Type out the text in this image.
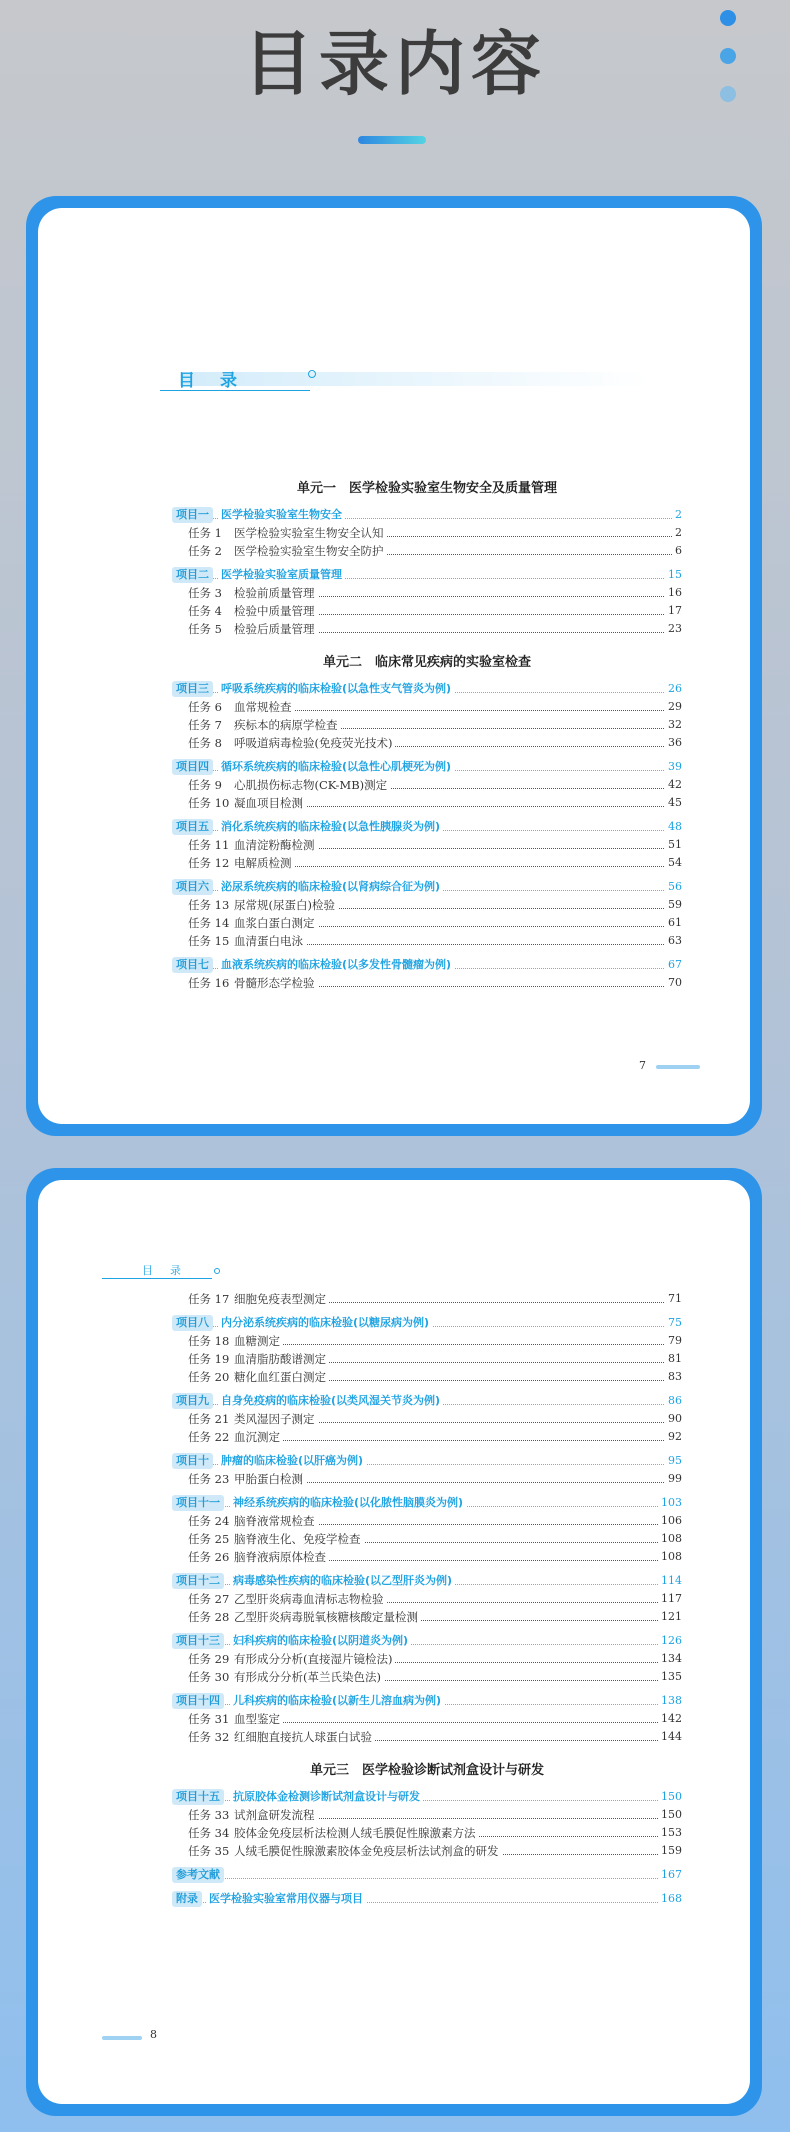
目录内容
目　录
单元一　医学检验实验室生物安全及质量管理
项目一	医学检验实验室生物安全	2
任务 1 医学检验实验室生物安全认知	2
任务 2 医学检验实验室生物安全防护	6
项目二	医学检验实验室质量管理	15
任务 3 检验前质量管理	16
任务 4 检验中质量管理	17
任务 5 检验后质量管理	23
单元二　临床常见疾病的实验室检查
项目三	呼吸系统疾病的临床检验(以急性支气管炎为例)	26
任务 6 血常规检查	29
任务 7 疾标本的病原学检查	32
任务 8 呼吸道病毒检验(免疫荧光技术)	36
项目四	循环系统疾病的临床检验(以急性心肌梗死为例)	39
任务 9 心肌损伤标志物(CK-MB)测定	42
任务 10 凝血项目检测	45
项目五	消化系统疾病的临床检验(以急性胰腺炎为例)	48
任务 11 血清淀粉酶检测	51
任务 12 电解质检测	54
项目六	泌尿系统疾病的临床检验(以肾病综合征为例)	56
任务 13 尿常规(尿蛋白)检验	59
任务 14 血浆白蛋白测定	61
任务 15 血清蛋白电泳	63
项目七	血液系统疾病的临床检验(以多发性骨髓瘤为例)	67
任务 16 骨髓形态学检验	70
7
目　录
任务 17 细胞免疫表型测定	71
项目八	内分泌系统疾病的临床检验(以糖尿病为例)	75
任务 18 血糖测定	79
任务 19 血清脂肪酸谱测定	81
任务 20 糖化血红蛋白测定	83
项目九	自身免疫病的临床检验(以类风湿关节炎为例)	86
任务 21 类风湿因子测定	90
任务 22 血沉测定	92
项目十	肿瘤的临床检验(以肝癌为例)	95
任务 23 甲胎蛋白检测	99
项目十一	神经系统疾病的临床检验(以化脓性脑膜炎为例)	103
任务 24 脑脊液常规检查	106
任务 25 脑脊液生化、免疫学检查	108
任务 26 脑脊液病原体检查	108
项目十二	病毒感染性疾病的临床检验(以乙型肝炎为例)	114
任务 27 乙型肝炎病毒血清标志物检验	117
任务 28 乙型肝炎病毒脱氧核糖核酸定量检测	121
项目十三	妇科疾病的临床检验(以阴道炎为例)	126
任务 29 有形成分分析(直接湿片镜检法)	134
任务 30 有形成分分析(革兰氏染色法)	135
项目十四	儿科疾病的临床检验(以新生儿溶血病为例)	138
任务 31 血型鉴定	142
任务 32 红细胞直接抗人球蛋白试验	144
单元三　医学检验诊断试剂盒设计与研发
项目十五	抗原胶体金检测诊断试剂盒设计与研发	150
任务 33 试剂盒研发流程	150
任务 34 胶体金免疫层析法检测人绒毛膜促性腺激素方法	153
任务 35 人绒毛膜促性腺激素胶体金免疫层析法试剂盒的研发	159
参考文献	167
附录	医学检验实验室常用仪器与项目	168
8
